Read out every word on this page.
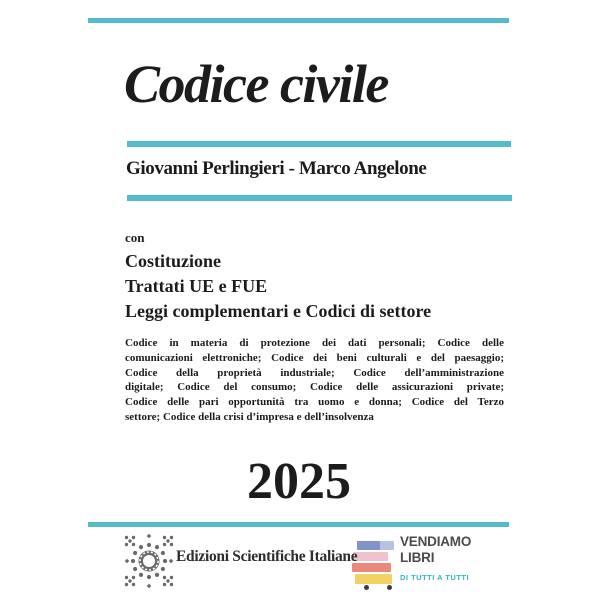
Codice civile
Giovanni Perlingieri - Marco Angelone
con
Costituzione
Trattati UE e FUE
Leggi complementari e Codici di settore
Codice in materia di protezione dei dati personali; Codice delle
comunicazioni elettroniche; Codice dei beni culturali e del paesaggio;
Codice della proprietà industriale; Codice dell’amministrazione
digitale; Codice del consumo; Codice delle assicurazioni private;
Codice delle pari opportunità tra uomo e donna; Codice del Terzo
settore; Codice della crisi d’impresa e dell’insolvenza
2025
Edizioni Scientifiche Italiane
VENDIAMO
LIBRI
DI TUTTI A TUTTI
